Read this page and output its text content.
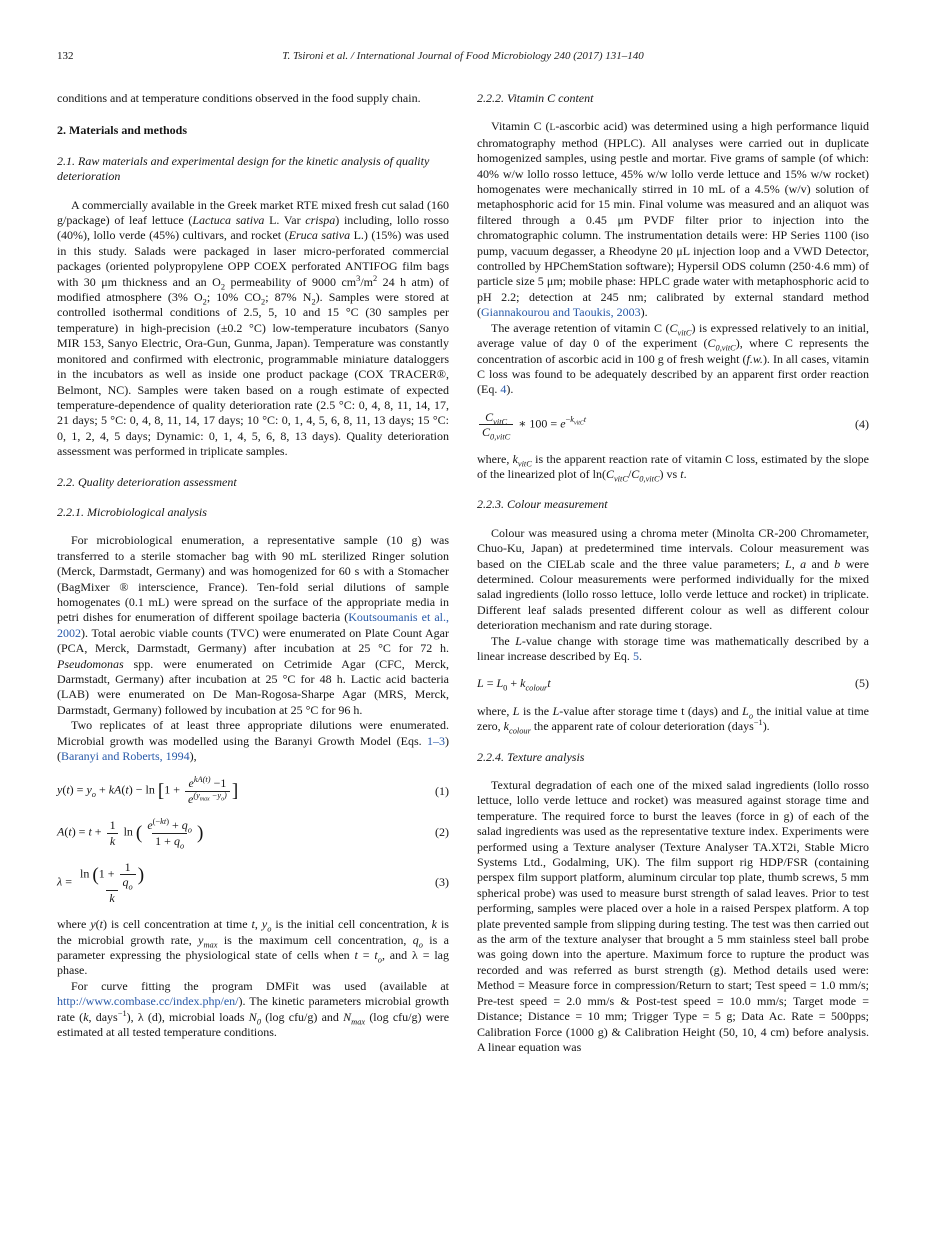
132	T. Tsironi et al. / International Journal of Food Microbiology 240 (2017) 131–140

conditions and at temperature conditions observed in the food supply chain.

2. Materials and methods
2.1. Raw materials and experimental design for the kinetic analysis of quality deterioration

A commercially available in the Greek market RTE mixed fresh cut salad (160 g/package) of leaf lettuce (Lactuca sativa L. Var crispa) including, lollo rosso (40%), lollo verde (45%) cultivars, and rocket (Eruca sativa L.) (15%) was used in this study. Salads were packaged in laser micro-perforated commercial packages (oriented polypropylene OPP COEX perforated ANTIFOG film bags with 30 μm thickness and an $O_2$ permeability of 9000 $cm^3/m^2$ 24 h atm) of modified atmosphere (3% $O_2$; 10% $CO_2$; 87% $N_2$). Samples were stored at controlled isothermal conditions of 2.5, 5, 10 and 15 °C (30 samples per temperature) in high-precision (±0.2 °C) low-temperature incubators (Sanyo MIR 153, Sanyo Electric, Ora-Gun, Gunma, Japan). Temperature was constantly monitored and confirmed with electronic, programmable miniature dataloggers in the incubators as well as inside one product package (COX TRACER®, Belmont, NC). Samples were taken based on a rough estimate of expected temperature-dependence of quality deterioration rate (2.5 °C: 0, 4, 8, 11, 14, 17, 21 days; 5 °C: 0, 4, 8, 11, 14, 17 days; 10 °C: 0, 1, 4, 5, 6, 8, 11, 13 days; 15 °C: 0, 1, 2, 4, 5 days; Dynamic: 0, 1, 4, 5, 6, 8, 13 days). Quality deterioration assessment was performed in triplicate samples.

2.2. Quality deterioration assessment
2.2.1. Microbiological analysis

For microbiological enumeration, a representative sample (10 g) was transferred to a sterile stomacher bag with 90 mL sterilized Ringer solution (Merck, Darmstadt, Germany) and was homogenized for 60 s with a Stomacher (BagMixer ® interscience, France). Ten-fold serial dilutions of sample homogenates (0.1 mL) were spread on the surface of the appropriate media in petri dishes for enumeration of different spoilage bacteria (Koutsoumanis et al., 2002). Total aerobic viable counts (TVC) were enumerated on Plate Count Agar (PCA, Merck, Darmstadt, Germany) after incubation at 25 °C for 72 h. Pseudomonas spp. were enumerated on Cetrimide Agar (CFC, Merck, Darmstadt, Germany) after incubation at 25 °C for 48 h. Lactic acid bacteria (LAB) were enumerated on De Man-Rogosa-Sharpe Agar (MRS, Merck, Darmstadt, Germany) followed by incubation at 25 °C for 96 h.

Two replicates of at least three appropriate dilutions were enumerated. Microbial growth was modelled using the Baranyi Growth Model (Eqs. 1–3) (Baranyi and Roberts, 1994),

$y(t) = y_o + kA(t) - \ln [1 + \frac{e^{kA(t)} -1}{e^{(y_{max} -y_o)}}$ ]	(1)
$A(t) = t + \frac{1}{k}$ ln ( $\frac{e^{(-kt)} + q_o}{1 + q_o}$ )	(2)
$\lambda = \frac{\ln (1 + \frac{1}{q_o} )}{k}$	(3)

where y(t) is cell concentration at time t, $y_o$ is the initial cell concentration, k is the microbial growth rate, $y_{max}$ is the maximum cell concentration, $q_o$ is a parameter expressing the physiological state of cells when $t = t_o$, and λ = lag phase.

For curve fitting the program DMFit was used (available at http://www.combase.cc/index.php/en/). The kinetic parameters microbial growth rate (k, days$^{-1}$), λ (d), microbial loads $N_0$ (log cfu/g) and $N_{max}$ (log cfu/g) were estimated at all tested temperature conditions.

2.2.2. Vitamin C content

Vitamin C (L-ascorbic acid) was determined using a high performance liquid chromatography method (HPLC). All analyses were carried out in duplicate homogenized samples, using pestle and mortar. Five grams of sample (of which: 40% w/w lollo rosso lettuce, 45% w/w lollo verde lettuce and 15% w/w rocket) homogenates were mechanically stirred in 10 mL of a 4.5% (w/v) solution of metaphosphoric acid for 15 min. Final volume was measured and an aliquot was filtered through a 0.45 μm PVDF filter prior to injection into the chromatographic column. The instrumentation details were: HP Series 1100 (iso pump, vacuum degasser, a Rheodyne 20 μL injection loop and a VWD Detector, controlled by HPChemStation software); Hypersil ODS column (250·4.6 mm) of particle size 5 μm; mobile phase: HPLC grade water with metaphosphoric acid to pH 2.2; detection at 245 nm; calibrated by external standard method (Giannakourou and Taoukis, 2003).

The average retention of vitamin C $(C_{vitC})$ is expressed relatively to an initial, average value of day 0 of the experiment $(C_{0,vitC})$, where C represents the concentration of ascorbic acid in 100 g of fresh weight (f.w.). In all cases, vitamin C loss was found to be adequately described by an apparent first order reaction (Eq. 4).

$\frac{C_{vitC}}{C_{0,vitC}}$ ∗ $100 = e^{-k_{vitC}t}$	(4)

where, $k_{vitC}$ is the apparent reaction rate of vitamin C loss, estimated by the slope of the linearized plot of $\ln(C_{vitC}/C_{0,vitC})$ vs t.

2.2.3. Colour measurement

Colour was measured using a chroma meter (Minolta CR-200 Chromameter, Chuo-Ku, Japan) at predetermined time intervals. Colour measurement was based on the CIELab scale and the three value parameters; L, a and b were determined. Colour measurements were performed individually for the mixed salad ingredients (lollo rosso lettuce, lollo verde lettuce and rocket) in triplicate. Different leaf salads presented different colour as well as different colour deterioration mechanism and rate during storage.

The L-value change with storage time was mathematically described by a linear increase described by Eq. 5.

$L = L_0 + k_{colour}t$	(5)

where, L is the L-value after storage time t (days) and $L_o$ the initial value at time zero, $k_{colour}$ the apparent rate of colour deterioration (days$^{-1}$).

2.2.4. Texture analysis

Textural degradation of each one of the mixed salad ingredients (lollo rosso lettuce, lollo verde lettuce and rocket) was measured against storage time and temperature. The required force to burst the leaves (force in g) of each of the salad ingredients was used as the representative texture index. Experiments were performed using a Texture analyser (Texture Analyser TA.XT2i, Stable Micro Systems Ltd., Godalming, UK). The film support rig HDP/FSR (containing perspex film support platform, aluminum circular top plate, thumb screws, 5 mm spherical probe) was used to measure burst strength of salad leaves. Prior to test performing, samples were placed over a hole in a raised Perspex platform. A top plate prevented sample from slipping during testing. The test was then carried out as the arm of the texture analyser that brought a 5 mm stainless steel ball probe was going down into the aperture. Maximum force to rupture the product was recorded and was referred as burst strength (g). Method details used were: Method = Measure force in compression/Return to start; Test speed = 1.0 mm/s; Pre-test speed = 2.0 mm/s & Post-test speed = 10.0 mm/s; Target mode = Distance; Distance = 10 mm; Trigger Type = 5 g; Data Ac. Rate = 500pps; Calibration Force (1000 g) & Calibration Height (50, 10, 4 cm) before analysis. A linear equation was
